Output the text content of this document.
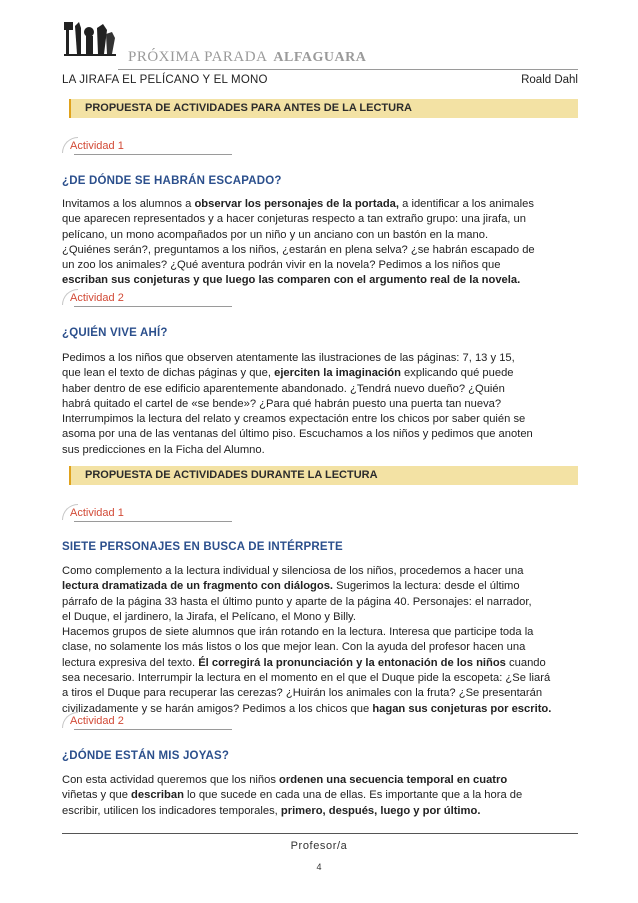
PRÓXIMA PARADA ALFAGUARA
LA JIRAFA EL PELÍCANO Y EL MONO	Roald Dahl
PROPUESTA DE ACTIVIDADES PARA ANTES DE LA LECTURA
Actividad 1
¿DE DÓNDE SE HABRÁN ESCAPADO?
Invitamos a los alumnos a observar los personajes de la portada, a identificar a los animales
que aparecen representados y a hacer conjeturas respecto a tan extraño grupo: una jirafa, un
pelícano, un mono acompañados por un niño y un anciano con un bastón en la mano.
¿Quiénes serán?, preguntamos a los niños, ¿estarán en plena selva? ¿se habrán escapado de
un zoo los animales? ¿Qué aventura podrán vivir en la novela? Pedimos a los niños que
escriban sus conjeturas y que luego las comparen con el argumento real de la novela.
Actividad 2
¿QUIÉN VIVE AHÍ?
Pedimos a los niños que observen atentamente las ilustraciones de las páginas: 7, 13 y 15,
que lean el texto de dichas páginas y que, ejerciten la imaginación explicando qué puede
haber dentro de ese edificio aparentemente abandonado. ¿Tendrá nuevo dueño? ¿Quién
habrá quitado el cartel de «se bende»? ¿Para qué habrán puesto una puerta tan nueva?
Interrumpimos la lectura del relato y creamos expectación entre los chicos por saber quién se
asoma por una de las ventanas del último piso. Escuchamos a los niños y pedimos que anoten
sus predicciones en la Ficha del Alumno.
PROPUESTA DE ACTIVIDADES DURANTE LA LECTURA
Actividad 1
SIETE PERSONAJES EN BUSCA DE INTÉRPRETE
Como complemento a la lectura individual y silenciosa de los niños, procedemos a hacer una
lectura dramatizada de un fragmento con diálogos. Sugerimos la lectura: desde el último
párrafo de la página 33 hasta el último punto y aparte de la página 40. Personajes: el narrador,
el Duque, el jardinero, la Jirafa, el Pelícano, el Mono y Billy.
Hacemos grupos de siete alumnos que irán rotando en la lectura. Interesa que participe toda la
clase, no solamente los más listos o los que mejor lean. Con la ayuda del profesor hacen una
lectura expresiva del texto. Él corregirá la pronunciación y la entonación de los niños cuando
sea necesario. Interrumpir la lectura en el momento en el que el Duque pide la escopeta: ¿Se liará
a tiros el Duque para recuperar las cerezas? ¿Huirán los animales con la fruta? ¿Se presentarán
civilizadamente y se harán amigos? Pedimos a los chicos que hagan sus conjeturas por escrito.
Actividad 2
¿DÓNDE ESTÁN MIS JOYAS?
Con esta actividad queremos que los niños ordenen una secuencia temporal en cuatro
viñetas y que describan lo que sucede en cada una de ellas. Es importante que a la hora de
escribir, utilicen los indicadores temporales, primero, después, luego y por último.
Profesor/a
4
